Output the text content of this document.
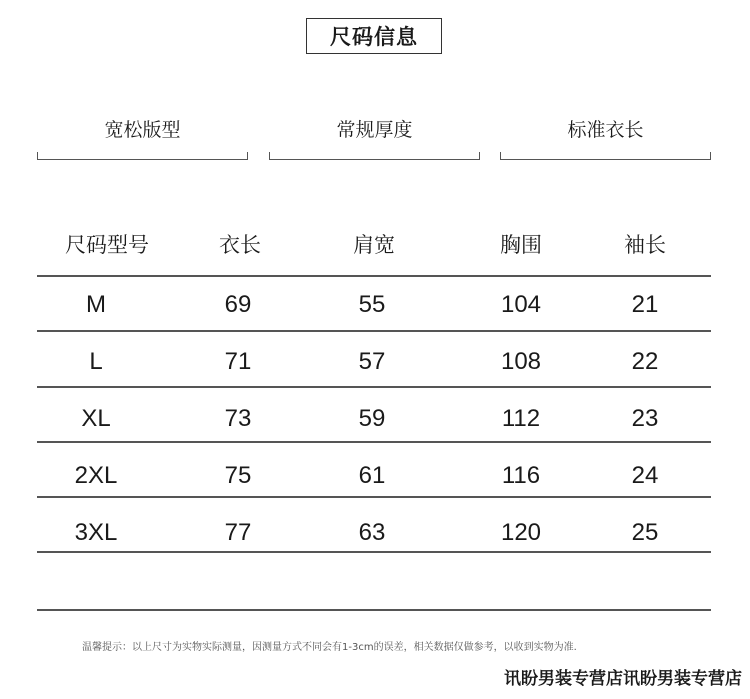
尺码信息
宽松版型	常规厚度	标准衣长
尺码型号	衣长	肩宽	胸围	袖长
M	69	55	104	21
L	71	57	108	22
XL	73	59	112	23
2XL	75	61	116	24
3XL	77	63	120	25
温馨提示：以上尺寸为实物实际测量，因测量方式不同会有1-3cm的误差，相关数据仅做参考，以收到实物为准.
讯盼男装专营店讯盼男装专营店
